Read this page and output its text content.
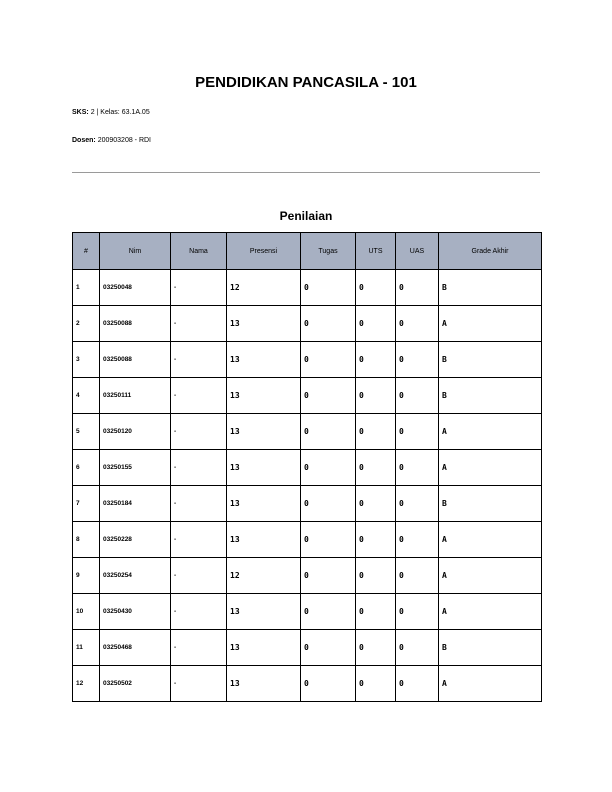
PENDIDIKAN PANCASILA - 101
SKS: 2 | Kelas: 63.1A.05
Dosen: 200903208 - RDI
Penilaian
#	Nim	Nama	Presensi	Tugas	UTS	UAS	Grade Akhir
1	03250048	-	12	0	0	0	B
2	03250088	-	13	0	0	0	A
3	03250088	-	13	0	0	0	B
4	03250111	-	13	0	0	0	B
5	03250120	-	13	0	0	0	A
6	03250155	-	13	0	0	0	A
7	03250184	-	13	0	0	0	B
8	03250228	-	13	0	0	0	A
9	03250254	-	12	0	0	0	A
10	03250430	-	13	0	0	0	A
11	03250468	-	13	0	0	0	B
12	03250502	-	13	0	0	0	A
